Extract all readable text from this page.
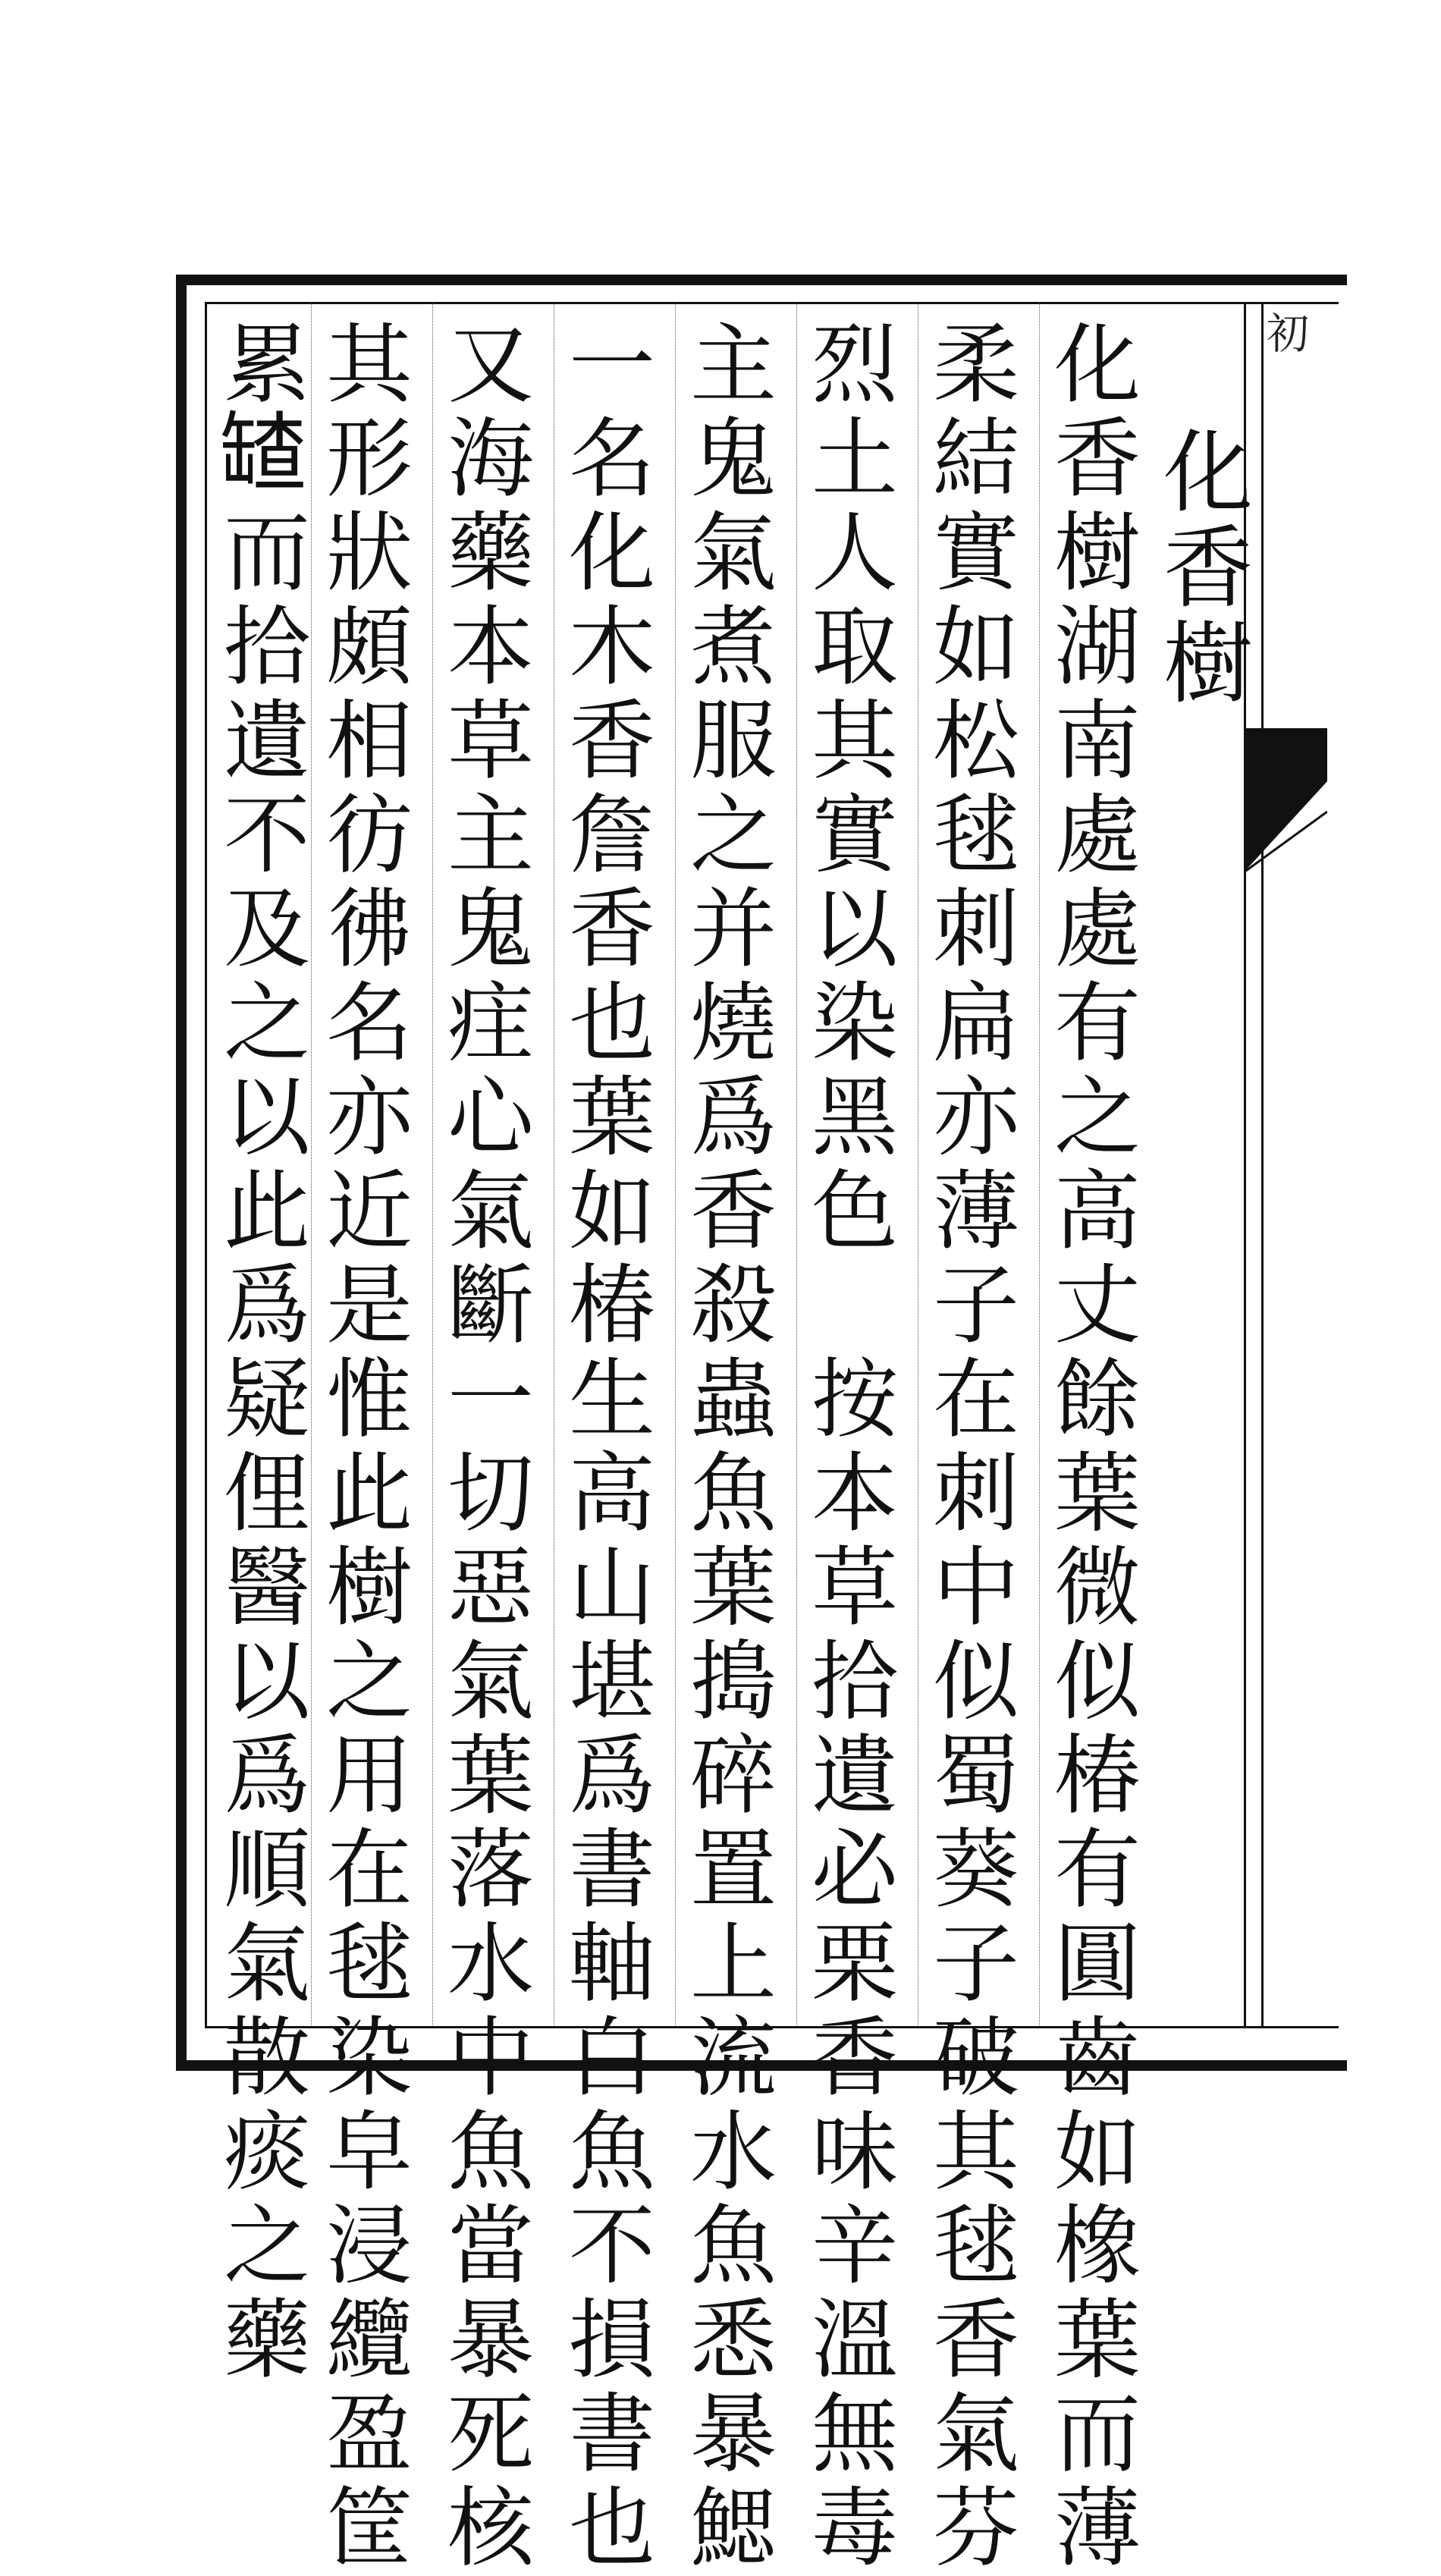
初
化香樹
化香樹湖南處處有之高丈餘葉微似椿有圓齒如橡葉而薄
柔結實如松毬刺扁亦薄子在刺中似蜀葵子破其毬香氣芬
烈土人取其實以染黑色　按本草拾遺必栗香味辛溫無毒
主鬼氣煮服之并燒爲香殺蟲魚葉搗碎置上流水魚悉暴鰓
一名化木香詹香也葉如椿生高山堪爲書軸白魚不損書也
又海藥本草主鬼疰心氣斷一切惡氣葉落水中魚當暴死核
其形狀頗相彷彿名亦近是惟此樹之用在毬染皁浸纜盈筐
累𦉆而拾遺不及之以此爲疑俚醫以爲順氣散痰之藥
